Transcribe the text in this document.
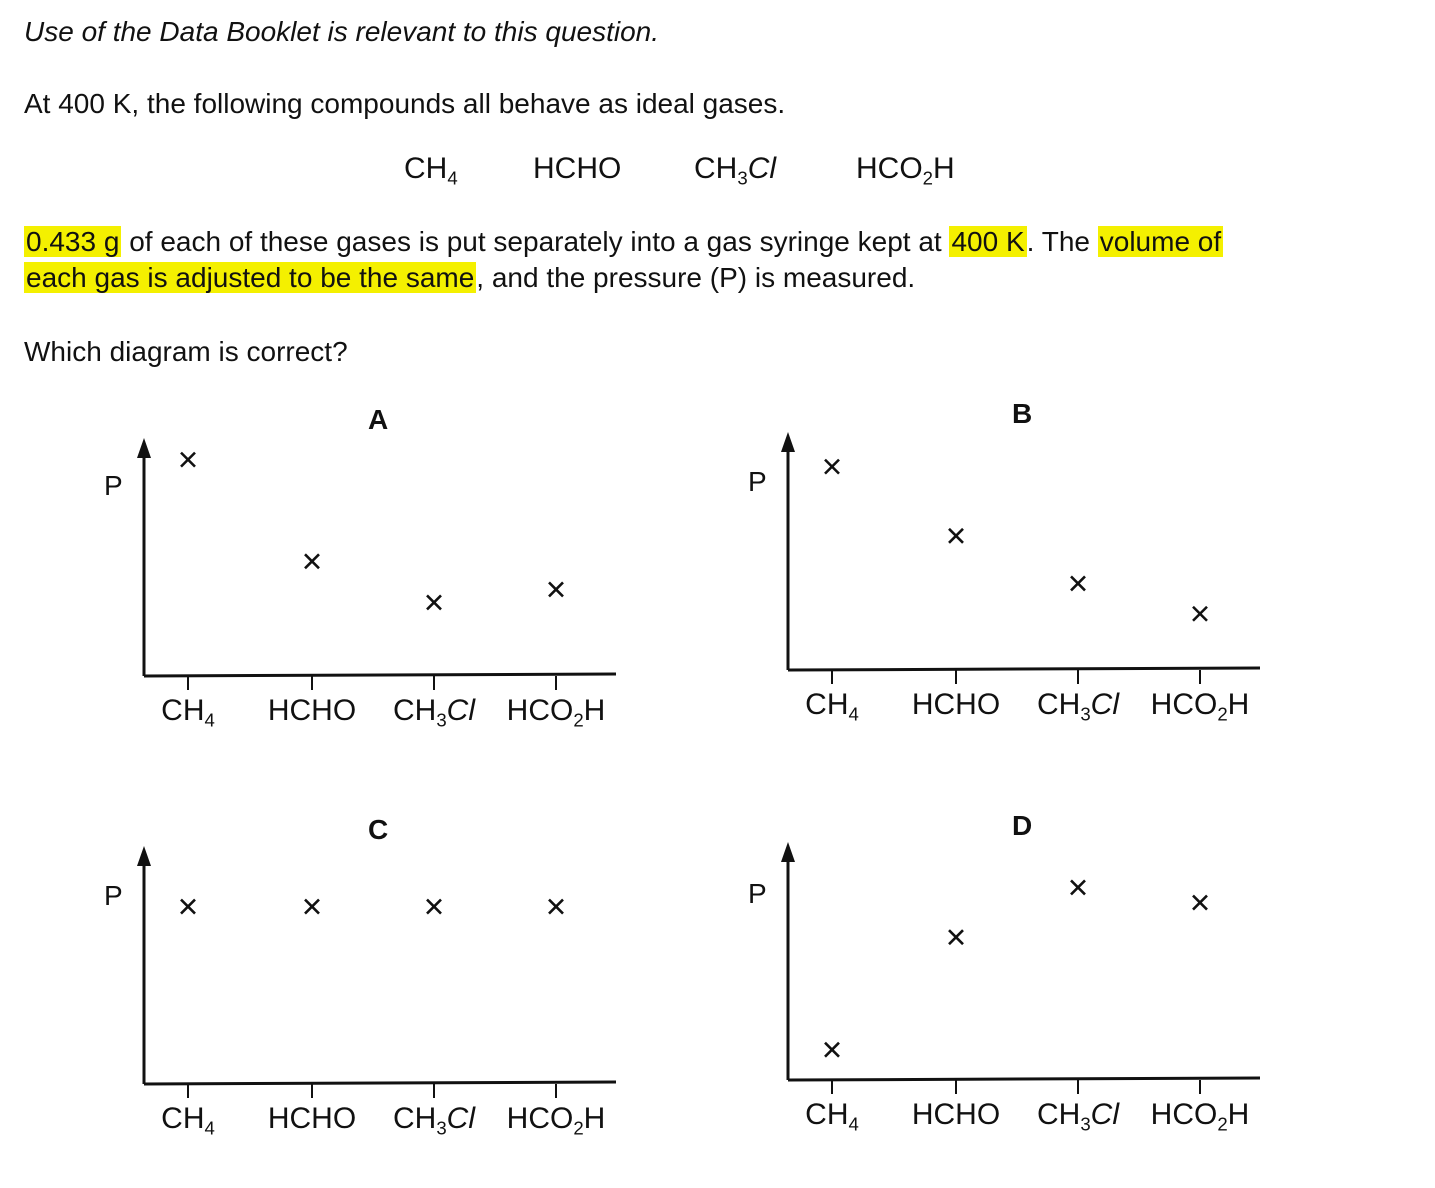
Use of the Data Booklet is relevant to this question.
At 400 K, the following compounds all behave as ideal gases.
$CH_4$	HCHO $CH_3Cl$	$HCO_2H$
0.433 g of each of these gases is put separately into a gas syringe kept at 400 K. The volume of
each gas is adjusted to be the same, and the pressure (P) is measured.
Which diagram is correct?
A
P
$CH_4$ HCHO $CH_3Cl$ $HCO_2H$
B
P
$CH_4$ HCHO $CH_3Cl$ $HCO_2H$
C
P
$CH_4$ HCHO $CH_3Cl$ $HCO_2H$
D
P
$CH_4$ HCHO $CH_3Cl$ $HCO_2H$
